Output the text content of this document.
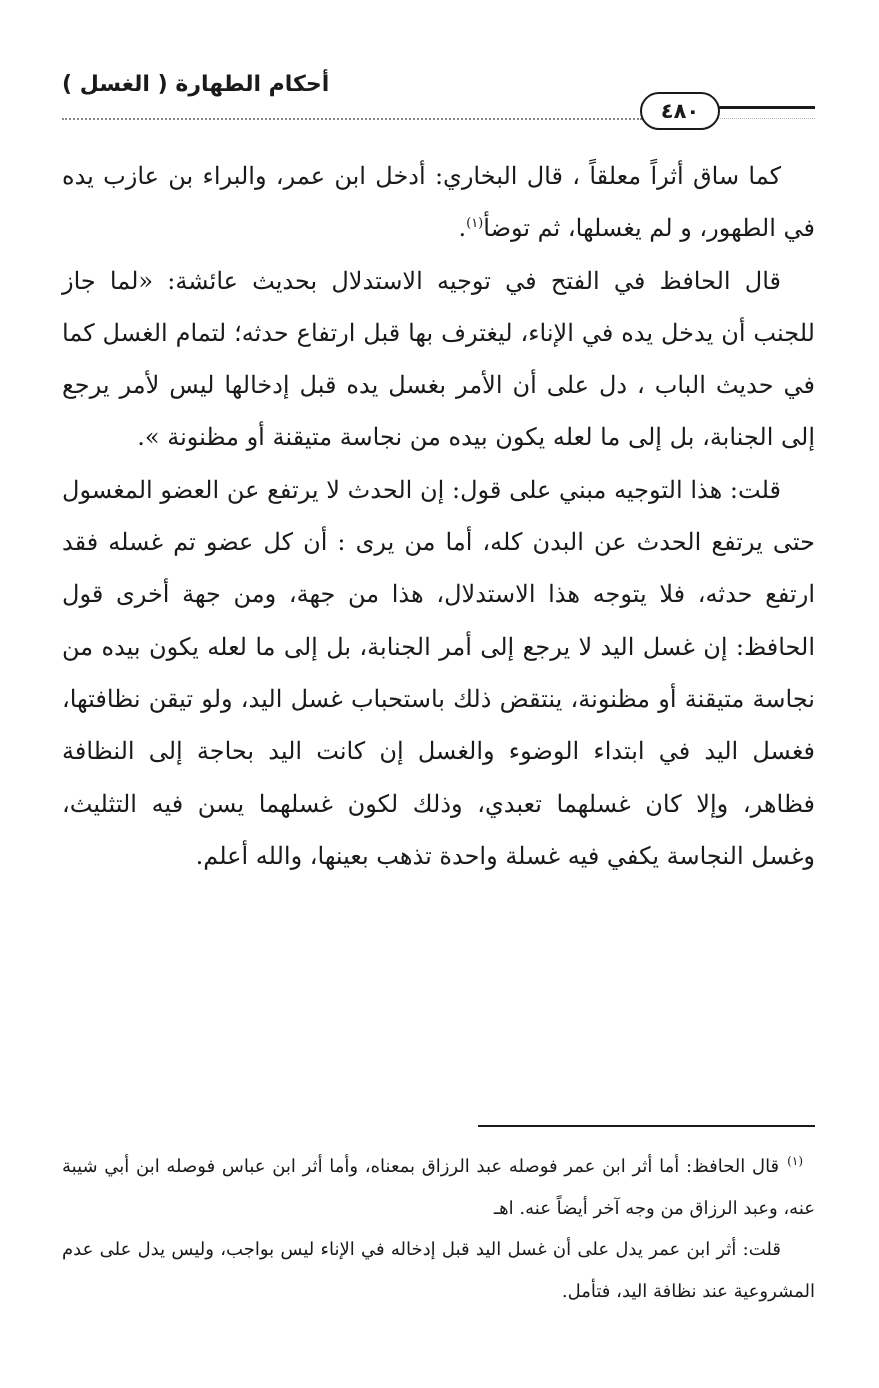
أحكام الطهارة ( الغسل )
٤٨٠

كما ساق أثراً معلقاً ، قال البخاري: أدخل ابن عمر، والبراء بن عازب يده في الطهور، و لم يغسلها، ثم توضأ$^{(١)}$.

قال الحافظ في الفتح في توجيه الاستدلال بحديث عائشة: «لما جاز للجنب أن يدخل يده في الإناء، ليغترف بها قبل ارتفاع حدثه؛ لتمام الغسل كما في حديث الباب ، دل على أن الأمر بغسل يده قبل إدخالها ليس لأمر يرجع إلى الجنابة، بل إلى ما لعله يكون بيده من نجاسة متيقنة أو مظنونة ».

قلت: هذا التوجيه مبني على قول: إن الحدث لا يرتفع عن العضو المغسول حتى يرتفع الحدث عن البدن كله، أما من يرى : أن كل عضو تم غسله فقد ارتفع حدثه، فلا يتوجه هذا الاستدلال، هذا من جهة، ومن جهة أخرى قول الحافظ: إن غسل اليد لا يرجع إلى أمر الجنابة، بل إلى ما لعله يكون بيده من نجاسة متيقنة أو مظنونة، ينتقض ذلك باستحباب غسل اليد، ولو تيقن نظافتها، فغسل اليد في ابتداء الوضوء والغسل إن كانت اليد بحاجة إلى النظافة فظاهر، وإلا كان غسلهما تعبدي، وذلك لكون غسلهما يسن فيه التثليث، وغسل النجاسة يكفي فيه غسلة واحدة تذهب بعينها، والله أعلم.

$^{(١)}$قال الحافظ: أما أثر ابن عمر فوصله عبد الرزاق بمعناه، وأما أثر ابن عباس فوصله ابن أبي شيبة عنه، وعبد الرزاق من وجه آخر أيضاً عنه. اهـ

قلت: أثر ابن عمر يدل على أن غسل اليد قبل إدخاله في الإناء ليس بواجب، وليس يدل على عدم المشروعية عند نظافة اليد، فتأمل.
